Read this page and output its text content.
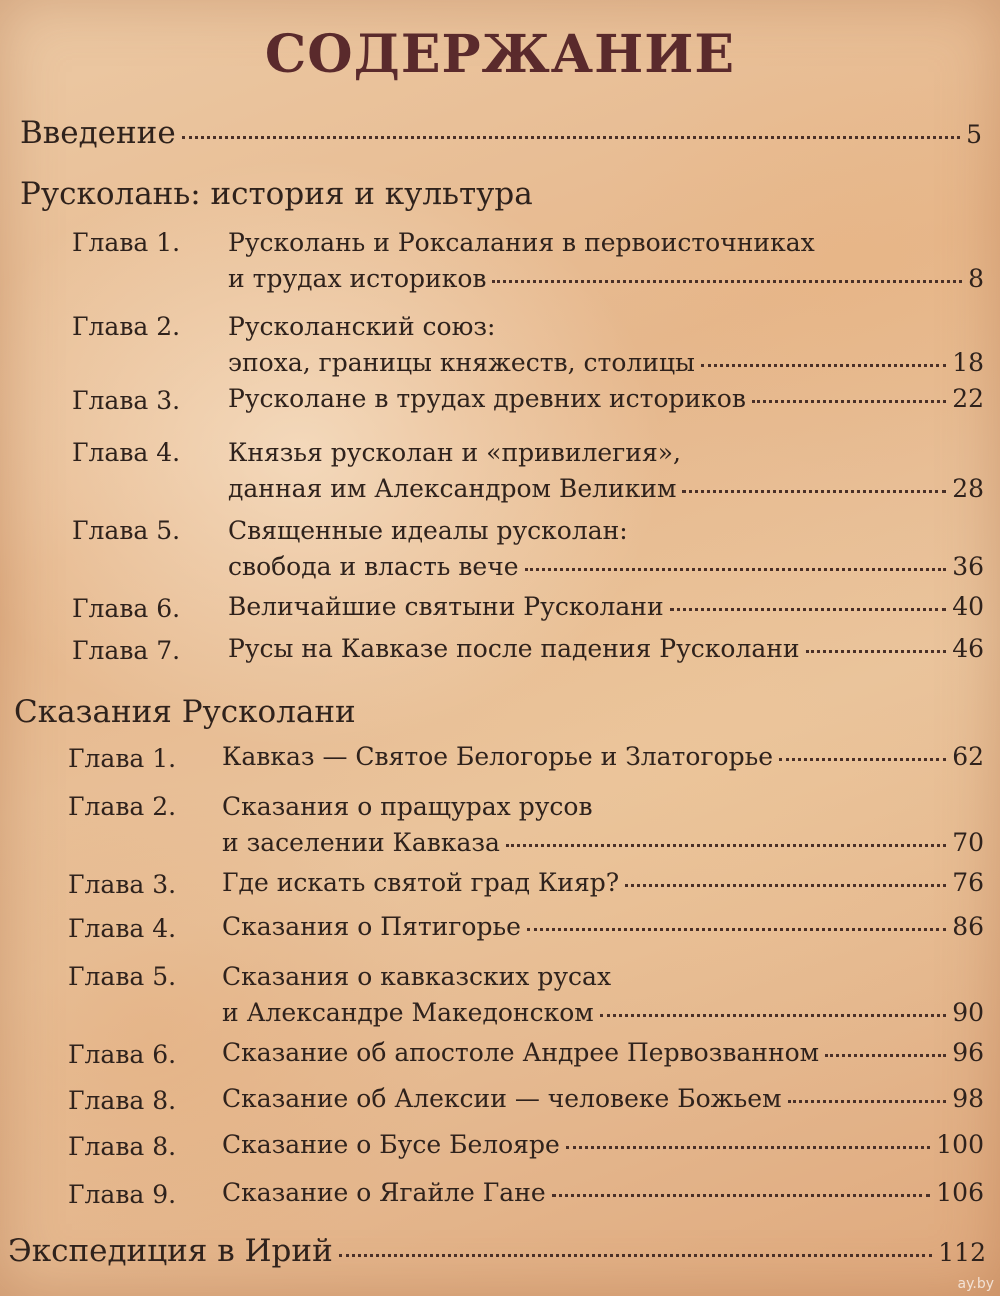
СОДЕРЖАНИЕ
Введение	5
Русколань: история и культура
Глава 1. Русколань и Роксалания в первоисточниках
и трудах историков	8
Глава 2. Русколанский союз:
эпоха, границы княжеств, столицы	18
Глава 3. Русколане в трудах древних историков	22
Глава 4. Князья русколан и «привилегия»,
данная им Александром Великим	28
Глава 5. Священные идеалы русколан:
свобода и власть вече	36
Глава 6. Величайшие святыни Русколани	40
Глава 7. Русы на Кавказе после падения Русколани	46
Сказания Русколани
Глава 1. Кавказ — Святое Белогорье и Златогорье	62
Глава 2. Сказания о пращурах русов
и заселении Кавказа	70
Глава 3. Где искать святой град Кияр?	76
Глава 4. Сказания о Пятигорье	86
Глава 5. Сказания о кавказских русах
и Александре Македонском	90
Глава 6. Сказание об апостоле Андрее Первозванном	96
Глава 8. Сказание об Алексии — человеке Божьем	98
Глава 8. Сказание о Бусе Белояре	100
Глава 9. Сказание о Ягайле Гане	106
Экспедиция в Ирий	112
ay.by
